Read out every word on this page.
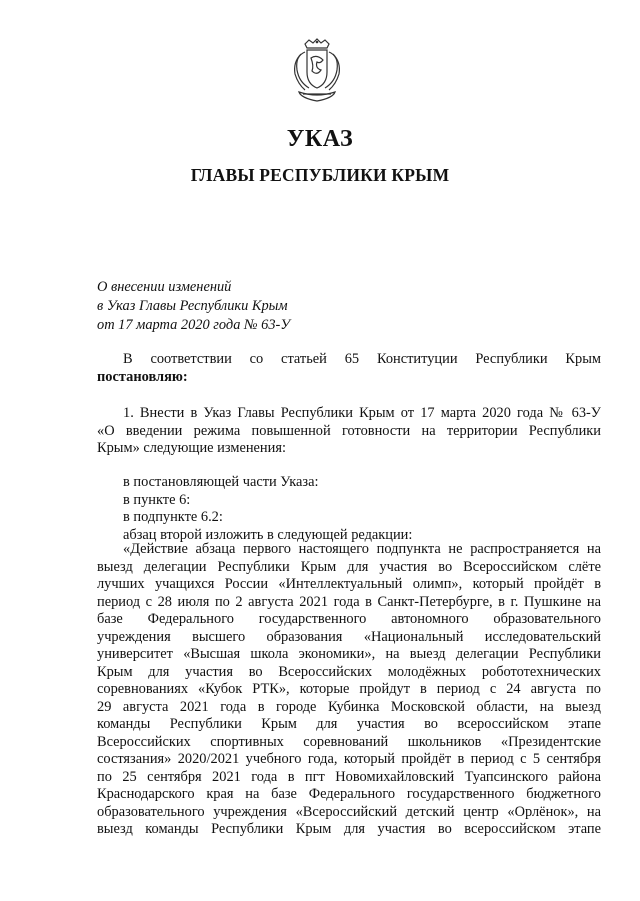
УКАЗ
ГЛАВЫ РЕСПУБЛИКИ КРЫМ
О внесении изменений
в Указ Главы Республики Крым
от 17 марта 2020 года № 63-У
В соответствии со статьей 65 Конституции Республики Крым
постановляю:
1. Внести в Указ Главы Республики Крым от 17 марта 2020 года № 63-У
«О введении режима повышенной готовности на территории Республики
Крым» следующие изменения:
в постановляющей части Указа:
в пункте 6:
в подпункте 6.2:
абзац второй изложить в следующей редакции:
«Действие абзаца первого настоящего подпункта не распространяется на
выезд делегации Республики Крым для участия во Всероссийском слёте
лучших учащихся России «Интеллектуальный олимп», который пройдёт в
период с 28 июля по 2 августа 2021 года в Санкт-Петербурге, в г. Пушкине на
базе Федерального государственного автономного образовательного
учреждения высшего образования «Национальный исследовательский
университет «Высшая школа экономики», на выезд делегации Республики
Крым для участия во Всероссийских молодёжных робототехнических
соревнованиях «Кубок РТК», которые пройдут в период с 24 августа по
29 августа 2021 года в городе Кубинка Московской области, на выезд
команды Республики Крым для участия во всероссийском этапе
Всероссийских спортивных соревнований школьников «Президентские
состязания» 2020/2021 учебного года, который пройдёт в период с 5 сентября
по 25 сентября 2021 года в пгт Новомихайловский Туапсинского района
Краснодарского края на базе Федерального государственного бюджетного
образовательного учреждения «Всероссийский детский центр «Орлёнок», на
выезд команды Республики Крым для участия во всероссийском этапе
